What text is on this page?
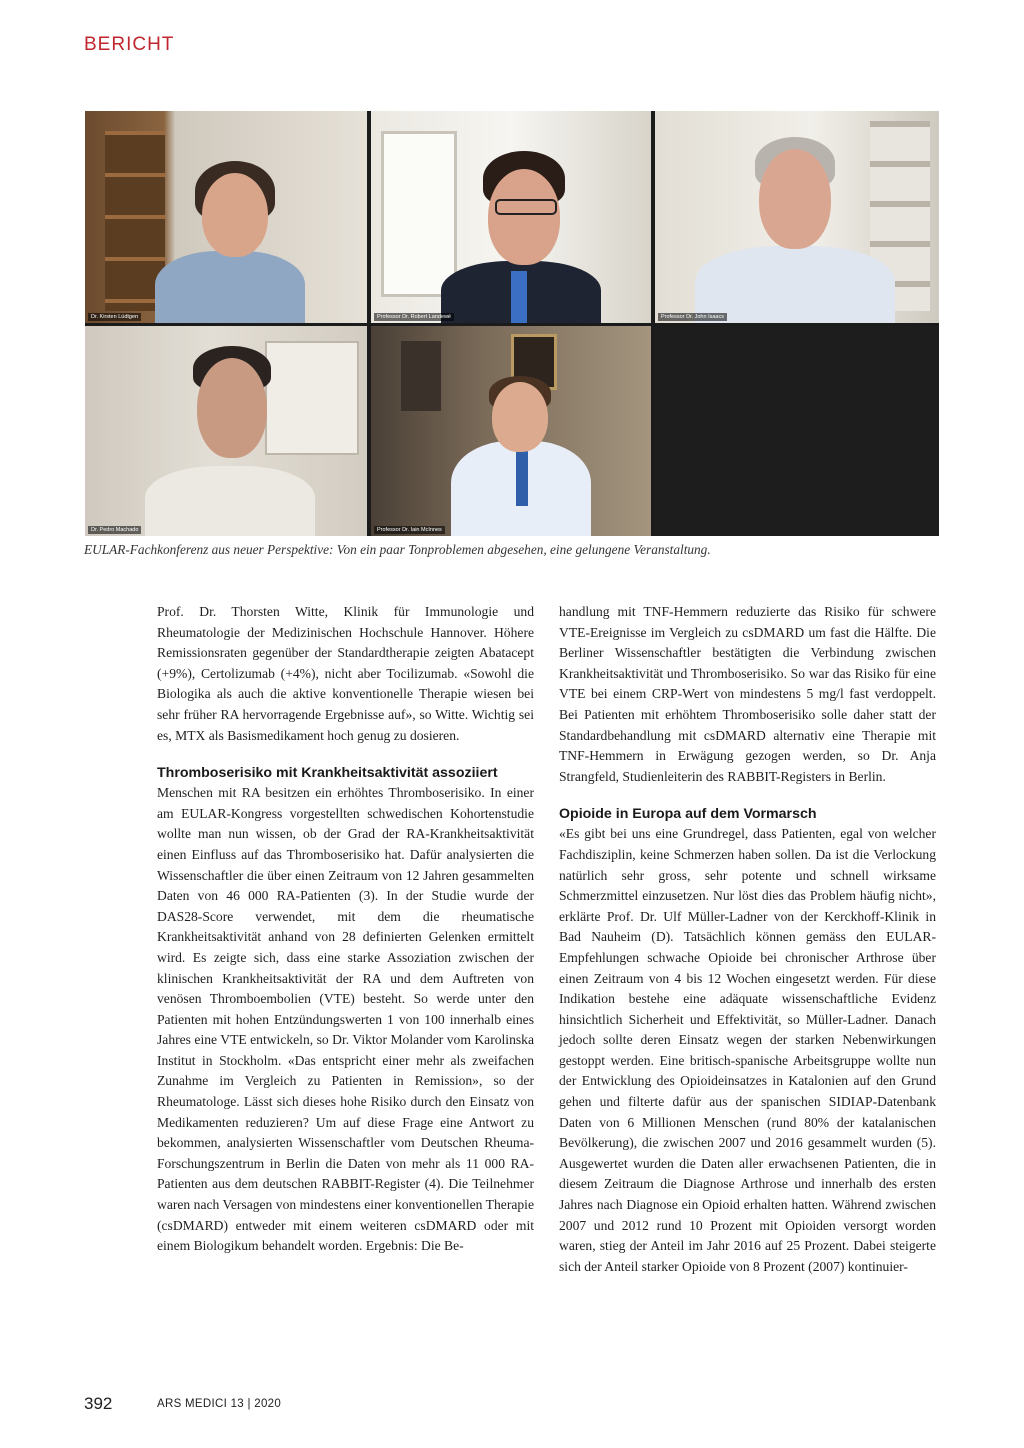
BERICHT
Dr. Kirsten Lüdtgen	Professor Dr. Robert Landewé	Professor Dr. John Isaacs
Dr. Pedro Machado	Professor Dr. Iain McInnes
EULAR-Fachkonferenz aus neuer Perspektive: Von ein paar Tonproblemen abgesehen, eine gelungene Veranstaltung.

Prof. Dr. Thorsten Witte, Klinik für Immunologie und Rheumatologie der Medizinischen Hochschule Hannover. Höhere Remissionsraten gegenüber der Standardtherapie zeigten Abatacept (+9%), Certolizumab (+4%), nicht aber Tocilizumab. «Sowohl die Biologika als auch die aktive konventionelle Therapie wiesen bei sehr früher RA hervorragende Ergebnisse auf», so Witte. Wichtig sei es, MTX als Basismedikament hoch genug zu dosieren.

Thromboserisiko mit Krankheitsaktivität assoziiert

Menschen mit RA besitzen ein erhöhtes Thromboserisiko. In einer am EULAR-Kongress vorgestellten schwedischen Kohortenstudie wollte man nun wissen, ob der Grad der RA-Krankheitsaktivität einen Einfluss auf das Thromboserisiko hat. Dafür analysierten die Wissenschaftler die über einen Zeitraum von 12 Jahren gesammelten Daten von 46 000 RA-Patienten (3). In der Studie wurde der DAS28-Score verwendet, mit dem die rheumatische Krankheitsaktivität anhand von 28 definierten Gelenken ermittelt wird. Es zeigte sich, dass eine starke Assoziation zwischen der klinischen Krankheitsaktivität der RA und dem Auftreten von venösen Thromboembolien (VTE) besteht. So werde unter den Patienten mit hohen Entzündungswerten 1 von 100 innerhalb eines Jahres eine VTE entwickeln, so Dr. Viktor Molander vom Karolinska Institut in Stockholm. «Das entspricht einer mehr als zweifachen Zunahme im Vergleich zu Patienten in Remission», so der Rheumatologe. Lässt sich dieses hohe Risiko durch den Einsatz von Medikamenten reduzieren? Um auf diese Frage eine Antwort zu bekommen, analysierten Wissenschaftler vom Deutschen Rheuma-Forschungszentrum in Berlin die Daten von mehr als 11 000 RA-Patienten aus dem deutschen RABBIT-Register (4). Die Teilnehmer waren nach Versagen von mindestens einer konventionellen Therapie (csDMARD) entweder mit einem weiteren csDMARD oder mit einem Biologikum behandelt worden. Ergebnis: Die Be-

handlung mit TNF-Hemmern reduzierte das Risiko für schwere VTE-Ereignisse im Vergleich zu csDMARD um fast die Hälfte. Die Berliner Wissenschaftler bestätigten die Verbindung zwischen Krankheitsaktivität und Thromboserisiko. So war das Risiko für eine VTE bei einem CRP-Wert von mindestens 5 mg/l fast verdoppelt. Bei Patienten mit erhöhtem Thromboserisiko solle daher statt der Standardbehandlung mit csDMARD alternativ eine Therapie mit TNF-Hemmern in Erwägung gezogen werden, so Dr. Anja Strangfeld, Studienleiterin des RABBIT-Registers in Berlin.

Opioide in Europa auf dem Vormarsch

«Es gibt bei uns eine Grundregel, dass Patienten, egal von welcher Fachdisziplin, keine Schmerzen haben sollen. Da ist die Verlockung natürlich sehr gross, sehr potente und schnell wirksame Schmerzmittel einzusetzen. Nur löst dies das Problem häufig nicht», erklärte Prof. Dr. Ulf Müller-Ladner von der Kerckhoff-Klinik in Bad Nauheim (D). Tatsächlich können gemäss den EULAR-Empfehlungen schwache Opioide bei chronischer Arthrose über einen Zeitraum von 4 bis 12 Wochen eingesetzt werden. Für diese Indikation bestehe eine adäquate wissenschaftliche Evidenz hinsichtlich Sicherheit und Effektivität, so Müller-Ladner. Danach jedoch sollte deren Einsatz wegen der starken Nebenwirkungen gestoppt werden. Eine britisch-spanische Arbeitsgruppe wollte nun der Entwicklung des Opioideinsatzes in Katalonien auf den Grund gehen und filterte dafür aus der spanischen SIDIAP-Datenbank Daten von 6 Millionen Menschen (rund 80% der katalanischen Bevölkerung), die zwischen 2007 und 2016 gesammelt wurden (5). Ausgewertet wurden die Daten aller erwachsenen Patienten, die in diesem Zeitraum die Diagnose Arthrose und innerhalb des ersten Jahres nach Diagnose ein Opioid erhalten hatten. Während zwischen 2007 und 2012 rund 10 Prozent mit Opioiden versorgt worden waren, stieg der Anteil im Jahr 2016 auf 25 Prozent. Dabei steigerte sich der Anteil starker Opioide von 8 Prozent (2007) kontinuier-

392	ARS MEDICI 13 | 2020
